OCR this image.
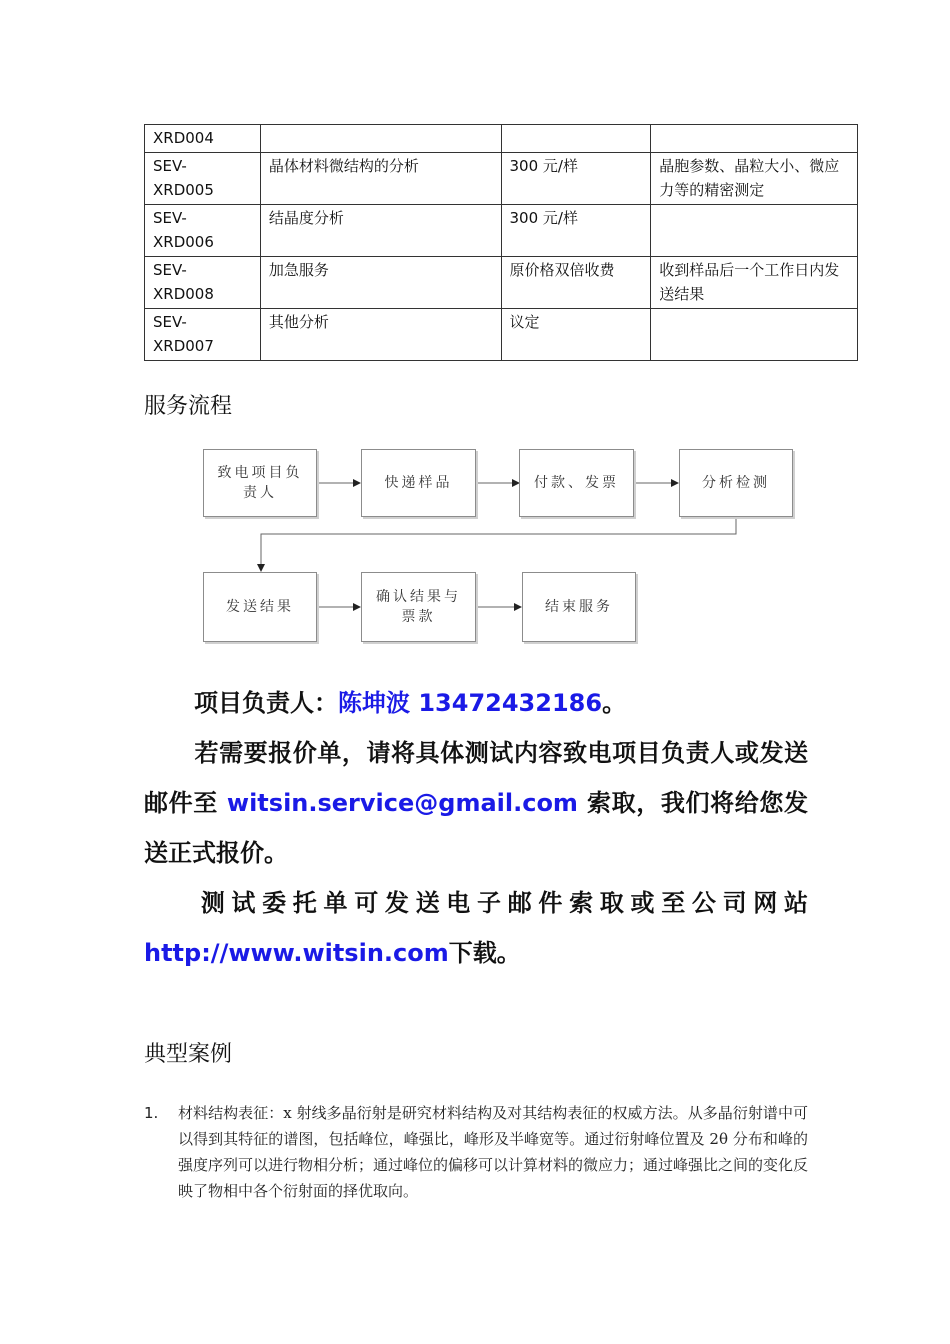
XRD004			

SEV-
XRD005	晶体材料微结构的分析	300 元/样	晶胞参数、晶粒大小、微应力等的精密测定

SEV-
XRD006	结晶度分析	300 元/样	

SEV-
XRD008	加急服务	原价格双倍收费	收到样品后一个工作日内发送结果

SEV-
XRD007	其他分析	议定	
服务流程
致电项目负责人
快递样品	付款、发票	分析检测
发送结果
确认结果与票款
结束服务
项目负责人：陈坤波 13472432186。
若需要报价单，请将具体测试内容致电项目负责人或发送邮件至 witsin.service@gmail.com 索取，我们将给您发送正式报价。
测试委托单可发送电子邮件索取或至公司网站 http://www.witsin.com下载。
典型案例
1. 材料结构表征：x 射线多晶衍射是研究材料结构及对其结构表征的权威方法。从多晶衍射谱中可以得到其特征的谱图，包括峰位，峰强比，峰形及半峰宽等。通过衍射峰位置及 2θ 分布和峰的强度序列可以进行物相分析；通过峰位的偏移可以计算材料的微应力；通过峰强比之间的变化反映了物相中各个衍射面的择优取向。
